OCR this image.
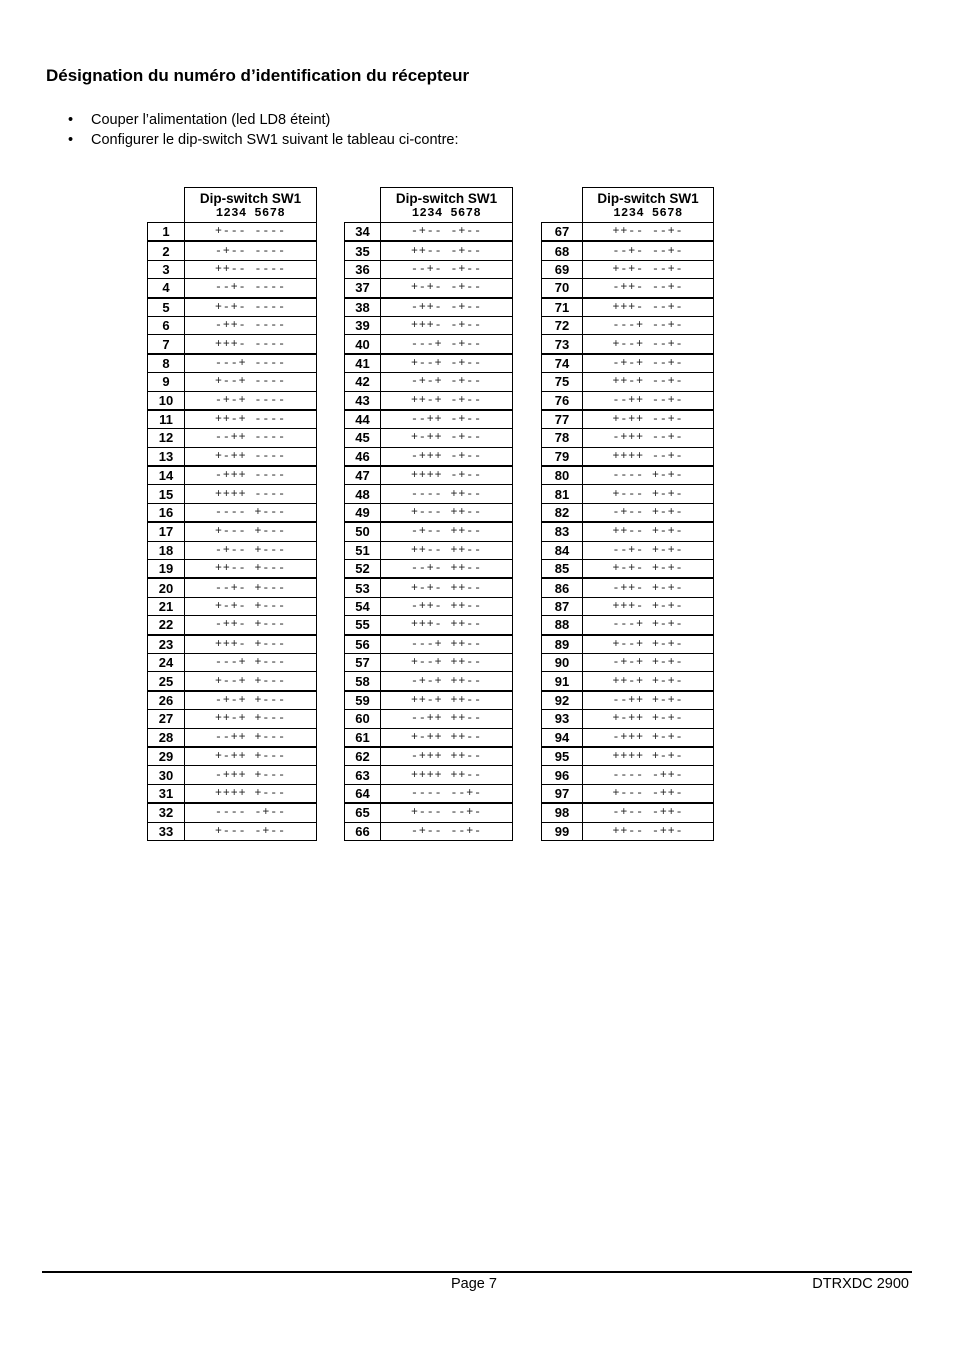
Désignation du numéro d’identification du récepteur
• Couper l’alimentation (led LD8 éteint)
• Configurer le dip-switch SW1 suivant le tableau ci-contre:

	Dip-switch SW1
1234 5678

1	+--- ----
2	-+-- ----
3	++-- ----
4	--+- ----
5	+-+- ----
6	-++- ----
7	+++- ----
8	---+ ----
9	+--+ ----
10	-+-+ ----
11	++-+ ----
12	--++ ----
13	+-++ ----
14	-+++ ----
15	++++ ----
16	---- +---
17	+--- +---
18	-+-- +---
19	++-- +---
20	--+- +---
21	+-+- +---
22	-++- +---
23	+++- +---
24	---+ +---
25	+--+ +---
26	-+-+ +---
27	++-+ +---
28	--++ +---
29	+-++ +---
30	-+++ +---
31	++++ +---
32	---- -+--
33	+--- -+--

	Dip-switch SW1
1234 5678

34	-+-- -+--
35	++-- -+--
36	--+- -+--
37	+-+- -+--
38	-++- -+--
39	+++- -+--
40	---+ -+--
41	+--+ -+--
42	-+-+ -+--
43	++-+ -+--
44	--++ -+--
45	+-++ -+--
46	-+++ -+--
47	++++ -+--
48	---- ++--
49	+--- ++--
50	-+-- ++--
51	++-- ++--
52	--+- ++--
53	+-+- ++--
54	-++- ++--
55	+++- ++--
56	---+ ++--
57	+--+ ++--
58	-+-+ ++--
59	++-+ ++--
60	--++ ++--
61	+-++ ++--
62	-+++ ++--
63	++++ ++--
64	---- --+-
65	+--- --+-
66	-+-- --+-

	Dip-switch SW1
1234 5678

67	++-- --+-
68	--+- --+-
69	+-+- --+-
70	-++- --+-
71	+++- --+-
72	---+ --+-
73	+--+ --+-
74	-+-+ --+-
75	++-+ --+-
76	--++ --+-
77	+-++ --+-
78	-+++ --+-
79	++++ --+-
80	---- +-+-
81	+--- +-+-
82	-+-- +-+-
83	++-- +-+-
84	--+- +-+-
85	+-+- +-+-
86	-++- +-+-
87	+++- +-+-
88	---+ +-+-
89	+--+ +-+-
90	-+-+ +-+-
91	++-+ +-+-
92	--++ +-+-
93	+-++ +-+-
94	-+++ +-+-
95	++++ +-+-
96	---- -++-
97	+--- -++-
98	-+-- -++-
99	++-- -++-
Page 7	DTRXDC 2900
